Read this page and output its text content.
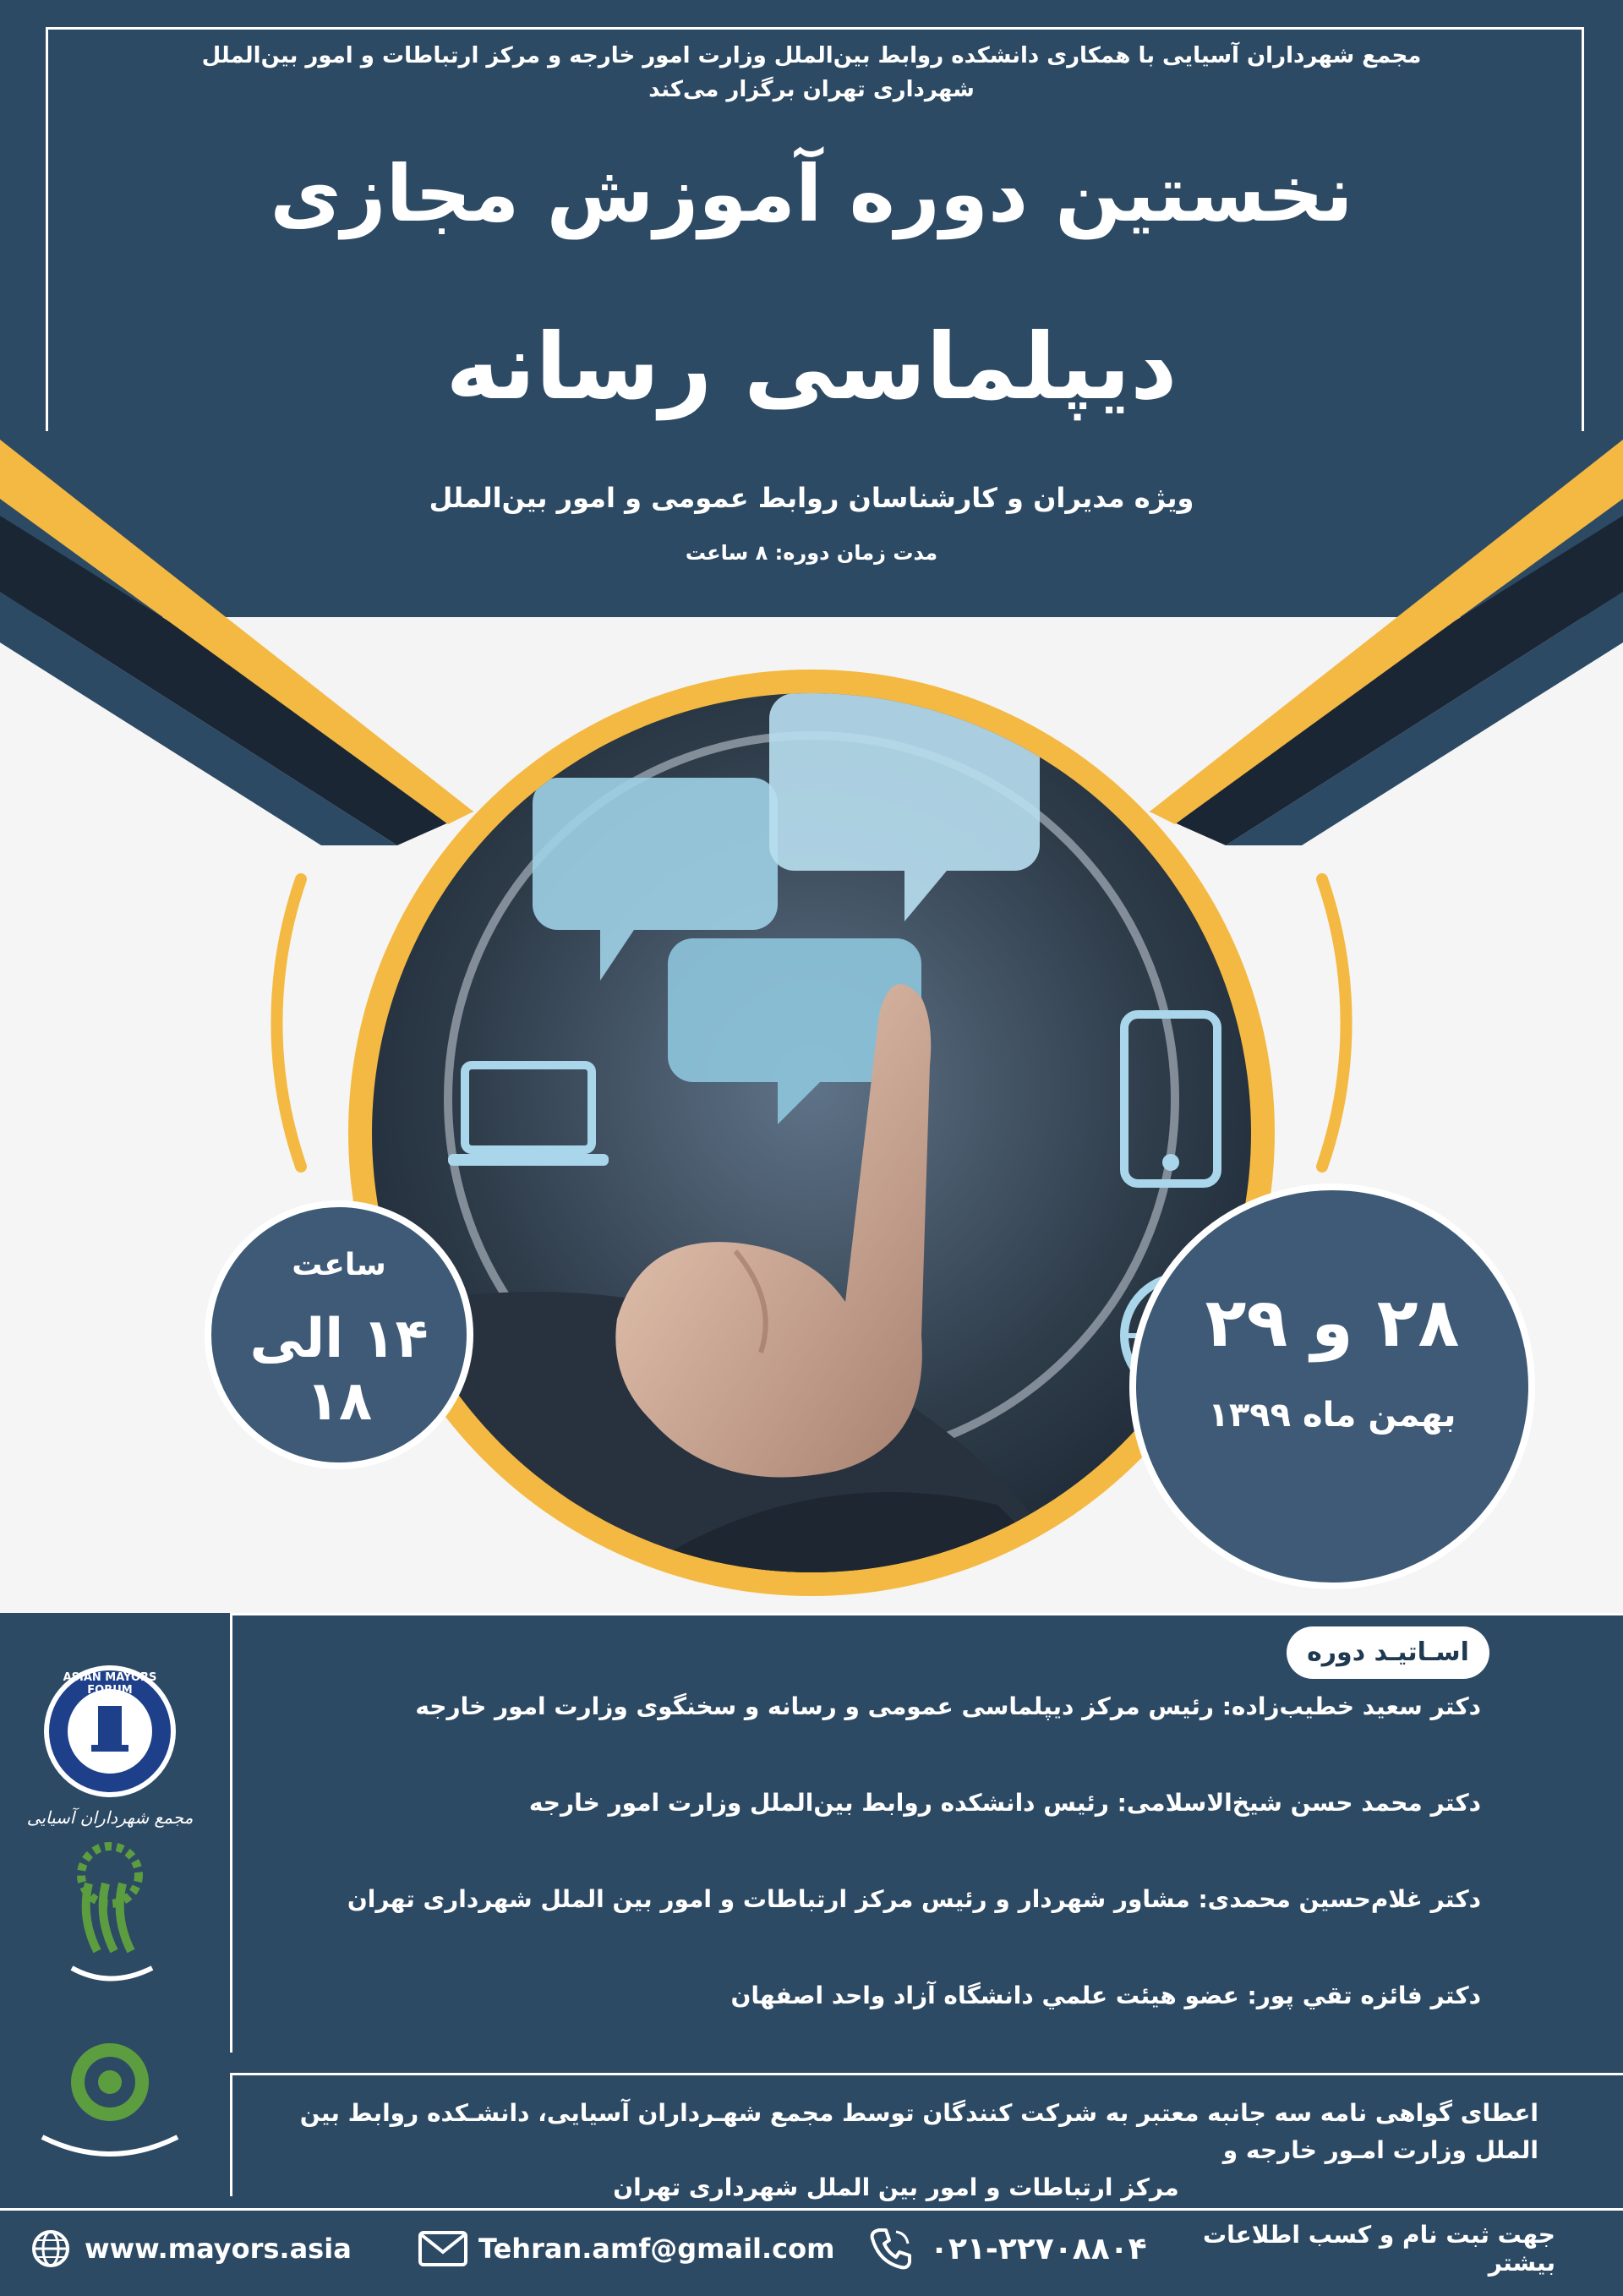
مجمع شهرداران آسیایی با همکاری دانشکده روابط بین‌الملل وزارت امور خارجه و مرکز ارتباطات و امور بین‌الملل
شهرداری تهران برگزار می‌کند
نخستین دوره آموزش مجازی
دیپلماسی رسانه
ویژه مدیران و کارشناسان روابط عمومی و امور بین‌الملل
مدت زمان دوره: ۸ ساعت
ساعت
۱۴ الی ۱۸
۲۸ و ۲۹
بهمن ماه ۱۳۹۹
ASIAN MAYORS FORUM
2008
مجمع شهرداران آسیایی
اسـاتیـد دوره
دکتر سعید خطیب‌زاده: رئیس مرکز دیپلماسی عمومی و رسانه و سخنگوی وزارت امور خارجه
دکتر محمد حسن شیخ‌الاسلامی: رئیس دانشکده روابط بین‌الملل وزارت امور خارجه
دکتر غلام‌حسین محمدی: مشاور شهردار و رئیس مرکز ارتباطات و امور بین الملل شهرداری تهران
دکتر فائزه تقي پور: عضو هیئت علمي دانشگاه آزاد واحد اصفهان
اعطای گواهی نامه سه جانبه معتبر به شرکت کنندگان توسط مجمع شهـرداران آسیایی، دانشـکده روابط بین الملل وزارت امـور خارجه و
مرکز ارتباطات و امور بین الملل شهرداری تهران
www.mayors.asia	Tehran.amf@gmail.com	۰۲۱-۲۲۷۰۸۸۰۴ جهت ثبت نام و کسب اطلاعات بیشتر
